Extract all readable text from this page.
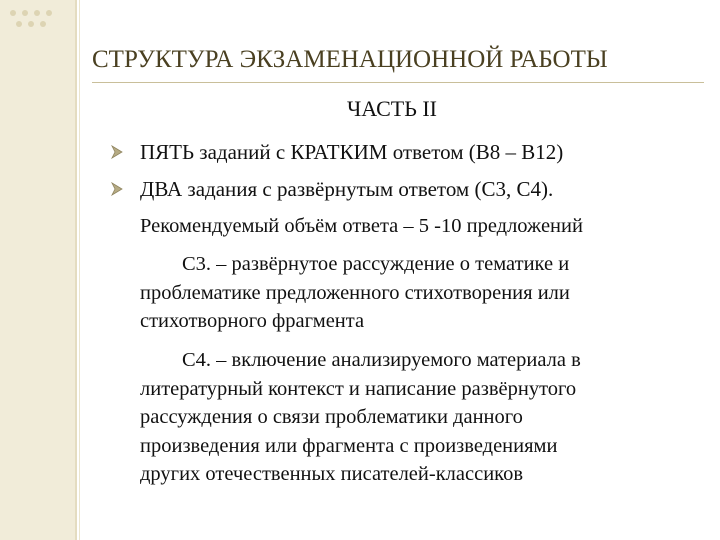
СТРУКТУРА ЭКЗАМЕНАЦИОННОЙ РАБОТЫ
ЧАСТЬ II
ПЯТЬ заданий с КРАТКИМ ответом (В8 – В12)
ДВА задания с развёрнутым ответом (С3, С4).
Рекомендуемый объём ответа – 5 -10 предложений
С3. – развёрнутое рассуждение о тематике и
проблематике предложенного стихотворения или
стихотворного фрагмента
С4. – включение анализируемого материала в
литературный контекст и написание развёрнутого
рассуждения о связи проблематики данного
произведения или фрагмента с произведениями
других отечественных писателей-классиков
